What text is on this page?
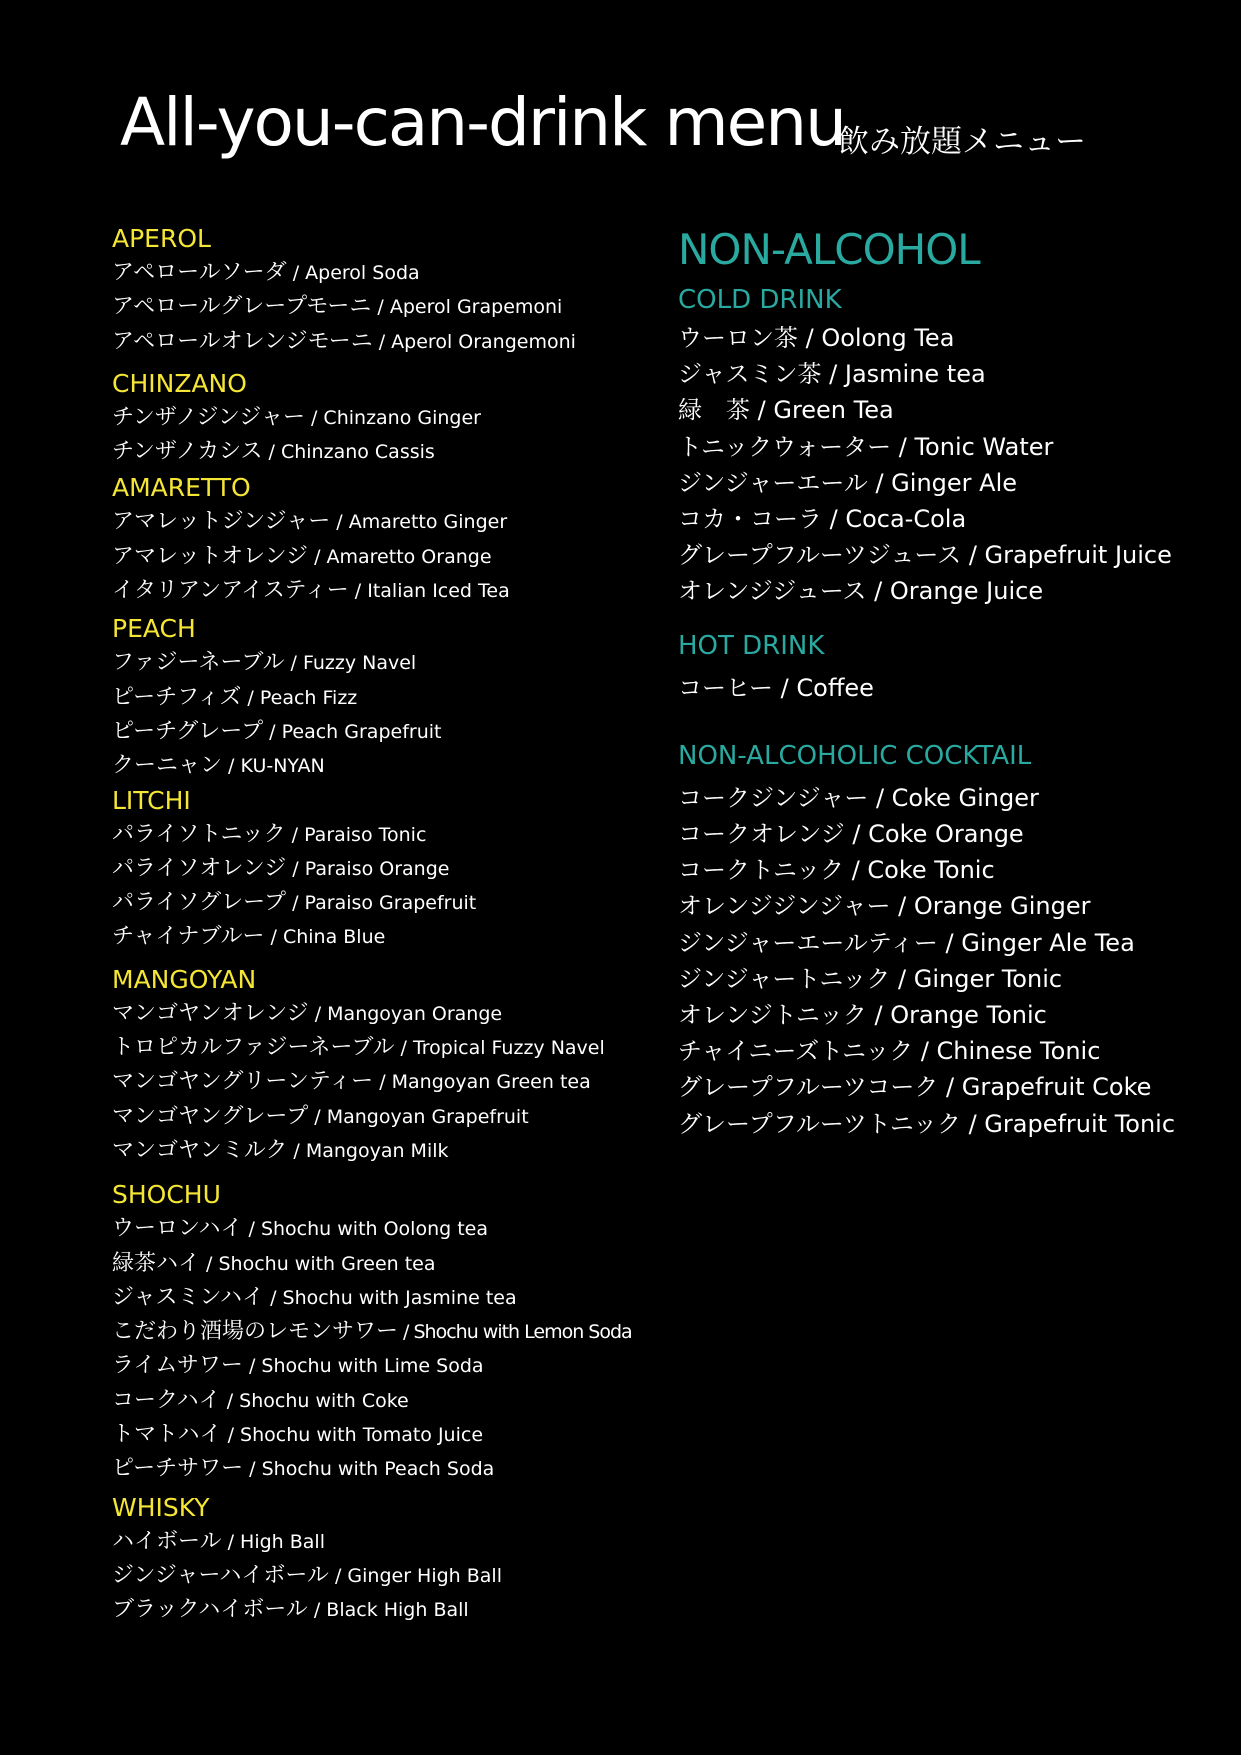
All-you-can-drink menu
飲み放題メニュー
APEROL
アペロールソーダ / Aperol Soda
アペロールグレープモーニ / Aperol Grapemoni
アペロールオレンジモーニ / Aperol Orangemoni
CHINZANO
チンザノジンジャー / Chinzano Ginger
チンザノカシス / Chinzano Cassis
AMARETTO
アマレットジンジャー / Amaretto Ginger
アマレットオレンジ / Amaretto Orange
イタリアンアイスティー / Italian Iced Tea
PEACH
ファジーネーブル / Fuzzy Navel
ピーチフィズ / Peach Fizz
ピーチグレープ / Peach Grapefruit
クーニャン / KU-NYAN
LITCHI
パライソトニック / Paraiso Tonic
パライソオレンジ / Paraiso Orange
パライソグレープ / Paraiso Grapefruit
チャイナブルー / China Blue
MANGOYAN
マンゴヤンオレンジ / Mangoyan Orange
トロピカルファジーネーブル / Tropical Fuzzy Navel
マンゴヤングリーンティー / Mangoyan Green tea
マンゴヤングレープ / Mangoyan Grapefruit
マンゴヤンミルク / Mangoyan Milk
SHOCHU
ウーロンハイ / Shochu with Oolong tea
緑茶ハイ / Shochu with Green tea
ジャスミンハイ / Shochu with Jasmine tea
こだわり酒場のレモンサワー / Shochu with Lemon Soda
ライムサワー / Shochu with Lime Soda
コークハイ / Shochu with Coke
トマトハイ / Shochu with Tomato Juice
ピーチサワー / Shochu with Peach Soda
WHISKY
ハイボール / High Ball
ジンジャーハイボール / Ginger High Ball
ブラックハイボール / Black High Ball
NON-ALCOHOL
COLD DRINK
ウーロン茶 / Oolong Tea
ジャスミン茶 / Jasmine tea
緑　茶 / Green Tea
トニックウォーター / Tonic Water
ジンジャーエール / Ginger Ale
コカ・コーラ / Coca-Cola
グレープフルーツジュース / Grapefruit Juice
オレンジジュース / Orange Juice
HOT DRINK
コーヒー / Coffee
NON-ALCOHOLIC COCKTAIL
コークジンジャー / Coke Ginger
コークオレンジ / Coke Orange
コークトニック / Coke Tonic
オレンジジンジャー / Orange Ginger
ジンジャーエールティー / Ginger Ale Tea
ジンジャートニック / Ginger Tonic
オレンジトニック / Orange Tonic
チャイニーズトニック / Chinese Tonic
グレープフルーツコーク / Grapefruit Coke
グレープフルーツトニック / Grapefruit Tonic
